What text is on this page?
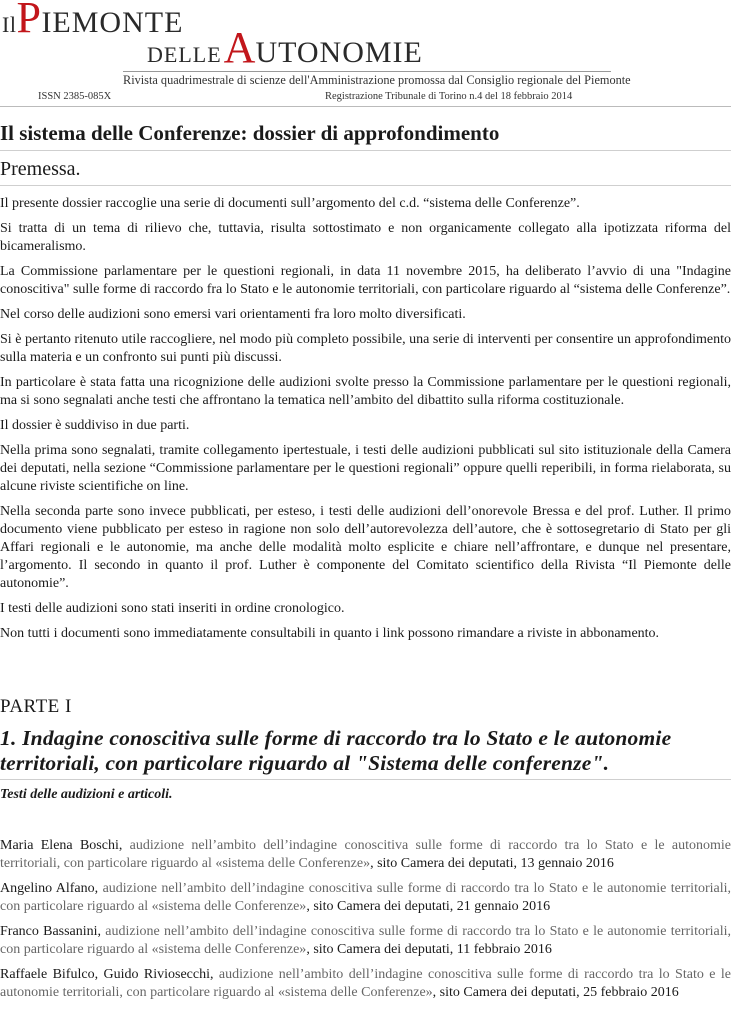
IlPIEMONTE
DELLEAUTONOMIE
Rivista quadrimestrale di scienze dell'Amministrazione promossa dal Consiglio regionale del Piemonte
ISSN 2385-085X	Registrazione Tribunale di Torino n.4 del 18 febbraio 2014
Il sistema delle Conferenze: dossier di approfondimento
Premessa.

Il presente dossier raccoglie una serie di documenti sull’argomento del c.d. “sistema delle Conferenze”.

Si tratta di un tema di rilievo che, tuttavia, risulta sottostimato e non organicamente collegato alla ipotizzata riforma del bicameralismo.

La Commissione parlamentare per le questioni regionali, in data 11 novembre 2015, ha deliberato l’avvio di una "Indagine conoscitiva" sulle forme di raccordo fra lo Stato e le autonomie territoriali, con particolare riguardo al “sistema delle Conferenze”.

Nel corso delle audizioni sono emersi vari orientamenti fra loro molto diversificati.

Si è pertanto ritenuto utile raccogliere, nel modo più completo possibile, una serie di interventi per consentire un approfondimento sulla materia e un confronto sui punti più discussi.

In particolare è stata fatta una ricognizione delle audizioni svolte presso la Commissione parlamentare per le questioni regionali, ma si sono segnalati anche testi che affrontano la tematica nell’ambito del dibattito sulla riforma costituzionale.

Il dossier è suddiviso in due parti.

Nella prima sono segnalati, tramite collegamento ipertestuale, i testi delle audizioni pubblicati sul sito istituzionale della Camera dei deputati, nella sezione “Commissione parlamentare per le questioni regionali” oppure quelli reperibili, in forma rielaborata, su alcune riviste scientifiche on line.

Nella seconda parte sono invece pubblicati, per esteso, i testi delle audizioni dell’onorevole Bressa e del prof. Luther. Il primo documento viene pubblicato per esteso in ragione non solo dell’autorevolezza dell’autore, che è sottosegretario di Stato per gli Affari regionali e le autonomie, ma anche delle modalità molto esplicite e chiare nell’affrontare, e dunque nel presentare, l’argomento. Il secondo in quanto il prof. Luther è componente del Comitato scientifico della Rivista “Il Piemonte delle autonomie”.

I testi delle audizioni sono stati inseriti in ordine cronologico.

Non tutti i documenti sono immediatamente consultabili in quanto i link possono rimandare a riviste in abbonamento.

PARTE I
1. Indagine conoscitiva sulle forme di raccordo tra lo Stato e le autonomie territoriali, con particolare riguardo al "Sistema delle conferenze".
Testi delle audizioni e articoli.

Maria Elena Boschi, audizione nell’ambito dell’indagine conoscitiva sulle forme di raccordo tra lo Stato e le autonomie territoriali, con particolare riguardo al «sistema delle Conferenze», sito Camera dei deputati, 13 gennaio 2016

Angelino Alfano, audizione nell’ambito dell’indagine conoscitiva sulle forme di raccordo tra lo Stato e le autonomie territoriali, con particolare riguardo al «sistema delle Conferenze», sito Camera dei deputati, 21 gennaio 2016

Franco Bassanini, audizione nell’ambito dell’indagine conoscitiva sulle forme di raccordo tra lo Stato e le autonomie territoriali, con particolare riguardo al «sistema delle Conferenze», sito Camera dei deputati, 11 febbraio 2016

Raffaele Bifulco, Guido Riviosecchi, audizione nell’ambito dell’indagine conoscitiva sulle forme di raccordo tra lo Stato e le autonomie territoriali, con particolare riguardo al «sistema delle Conferenze», sito Camera dei deputati, 25 febbraio 2016
